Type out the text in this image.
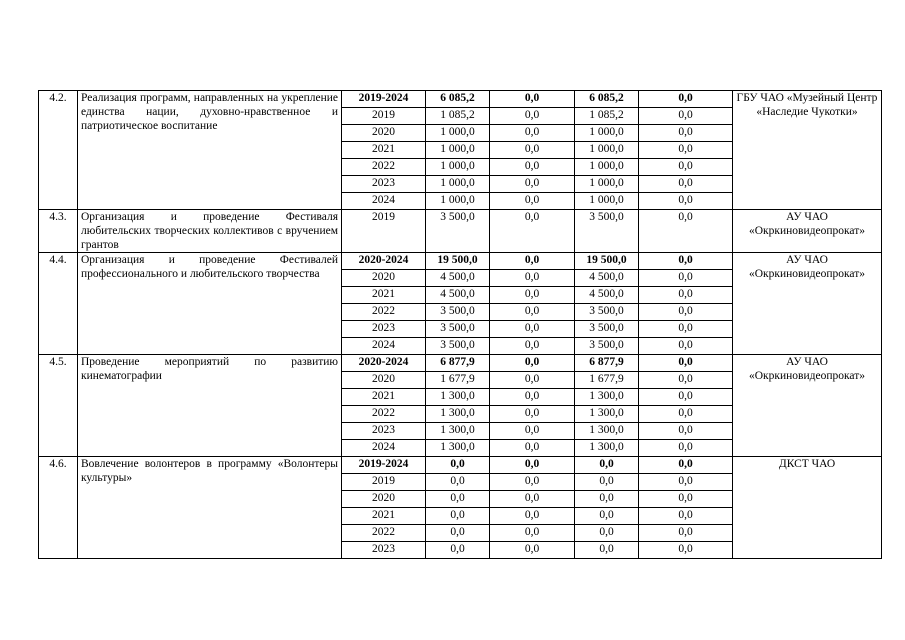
4.2.	Реализация программ, направленных на укрепление единства нации, духовно-нравственное и патриотическое воспитание	2019-2024	6 085,2	0,0	6 085,2	0,0	ГБУ ЧАО «Музейный Центр «Наследие Чукотки»
		2019	1 085,2	0,0	1 085,2	0,0	
		2020	1 000,0	0,0	1 000,0	0,0	
		2021	1 000,0	0,0	1 000,0	0,0	
		2022	1 000,0	0,0	1 000,0	0,0	
		2023	1 000,0	0,0	1 000,0	0,0	
		2024	1 000,0	0,0	1 000,0	0,0	
4.3.	Организация и проведение Фестиваля любительских творческих коллективов с вручением грантов	2019	3 500,0	0,0	3 500,0	0,0	АУ ЧАО «Окркиновидеопрокат»
4.4.	Организация и проведение Фестивалей профессионального и любительского творчества	2020-2024	19 500,0	0,0	19 500,0	0,0	АУ ЧАО «Окркиновидеопрокат»
		2020	4 500,0	0,0	4 500,0	0,0	
		2021	4 500,0	0,0	4 500,0	0,0	
		2022	3 500,0	0,0	3 500,0	0,0	
		2023	3 500,0	0,0	3 500,0	0,0	
		2024	3 500,0	0,0	3 500,0	0,0	
4.5.	Проведение мероприятий по развитию кинематографии	2020-2024	6 877,9	0,0	6 877,9	0,0	АУ ЧАО «Окркиновидеопрокат»
		2020	1 677,9	0,0	1 677,9	0,0	
		2021	1 300,0	0,0	1 300,0	0,0	
		2022	1 300,0	0,0	1 300,0	0,0	
		2023	1 300,0	0,0	1 300,0	0,0	
		2024	1 300,0	0,0	1 300,0	0,0	
4.6.	Вовлечение волонтеров в программу «Волонтеры культуры»	2019-2024	0,0	0,0	0,0	0,0	ДКСТ ЧАО
		2019	0,0	0,0	0,0	0,0	
		2020	0,0	0,0	0,0	0,0	
		2021	0,0	0,0	0,0	0,0	
		2022	0,0	0,0	0,0	0,0	
		2023	0,0	0,0	0,0	0,0	
